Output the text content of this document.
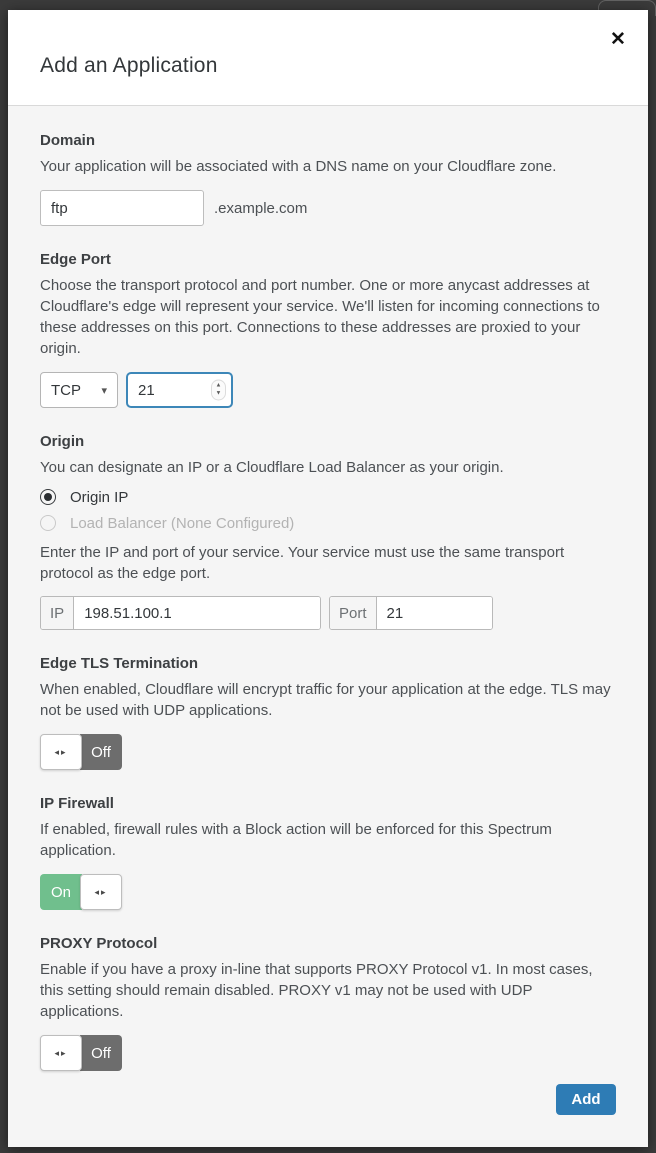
Add an Application
✕
Domain
Your application will be associated with a DNS name on your Cloudflare zone.
ftp
.example.com
Edge Port
Choose the transport protocol and port number. One or more anycast addresses at Cloudflare's edge will represent your service. We'll listen for incoming connections to these addresses on this port. Connections to these addresses are proxied to your origin.
TCP ▾
21	▲
▼
Origin
You can designate an IP or a Cloudflare Load Balancer as your origin.
Origin IP
Load Balancer (None Configured)
Enter the IP and port of your service. Your service must use the same transport protocol as the edge port.
IP
198.51.100.1	Port
21
Edge TLS Termination
When enabled, Cloudflare will encrypt traffic for your application at the edge. TLS may not be used with UDP applications.
◂▸	Off
IP Firewall
If enabled, firewall rules with a Block action will be enforced for this Spectrum application.
On	◂▸
PROXY Protocol
Enable if you have a proxy in-line that supports PROXY Protocol v1. In most cases, this setting should remain disabled. PROXY v1 may not be used with UDP applications.
◂▸	Off
Add
